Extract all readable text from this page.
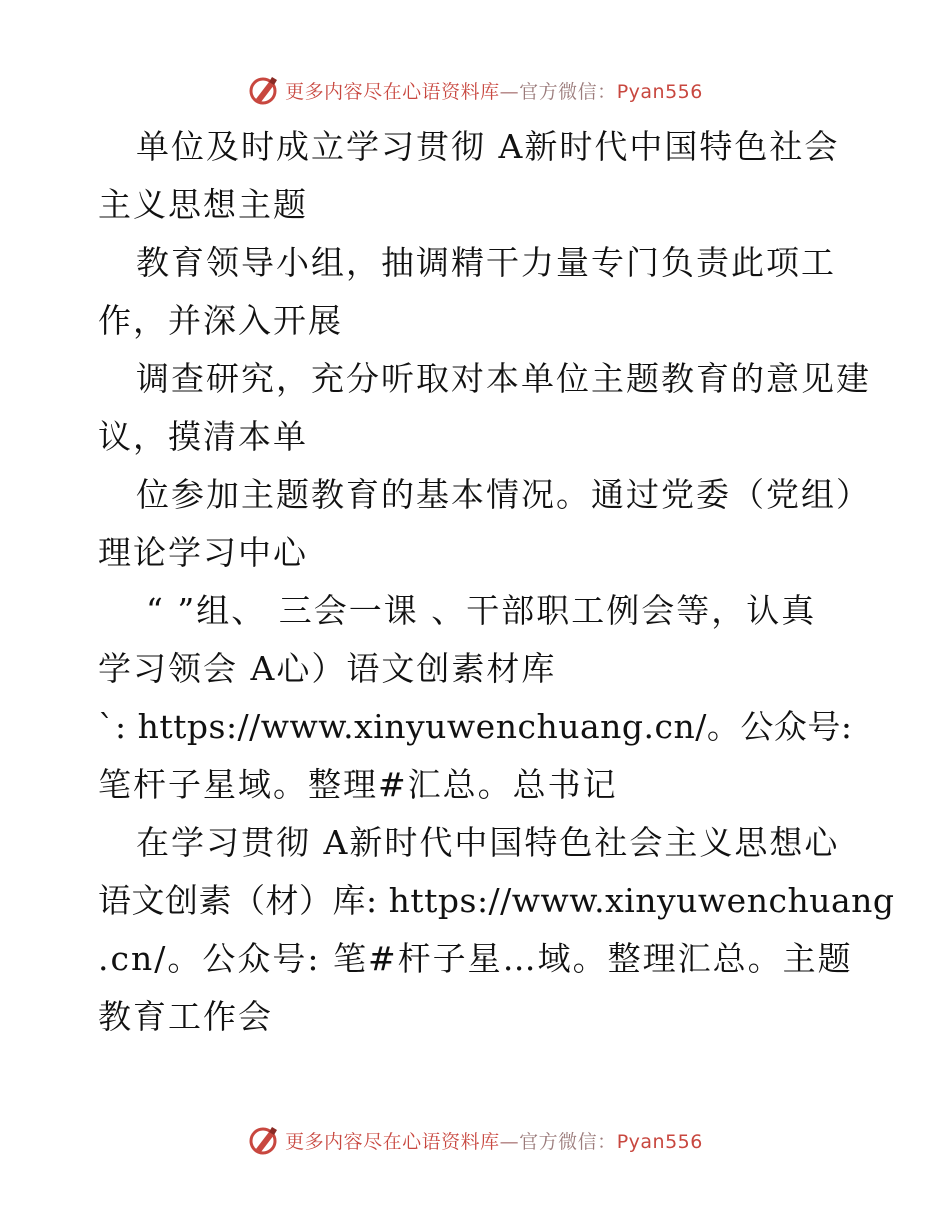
更多内容尽在心语资料库—官方微信：Pyan556
单位及时成立学习贯彻 A新时代中国特色社会
主义思想主题
教育领导小组，抽调精干力量专门负责此项工
作，并深入开展
调查研究，充分听取对本单位主题教育的意见建
议，摸清本单
位参加主题教育的基本情况。通过党委（党组）
理论学习中心
“ ”组、 三会一课 、干部职工例会等，认真
学习领会 A心）语文创素材库
`: https://www.xinyuwenchuang.cn/。公众号:
笔杆子星域。整理#汇总。总书记
在学习贯彻 A新时代中国特色社会主义思想心
语文创素（材）库: https://www.xinyuwenchuang
.cn/。公众号: 笔#杆子星…域。整理汇总。主题
教育工作会
更多内容尽在心语资料库—官方微信：Pyan556
